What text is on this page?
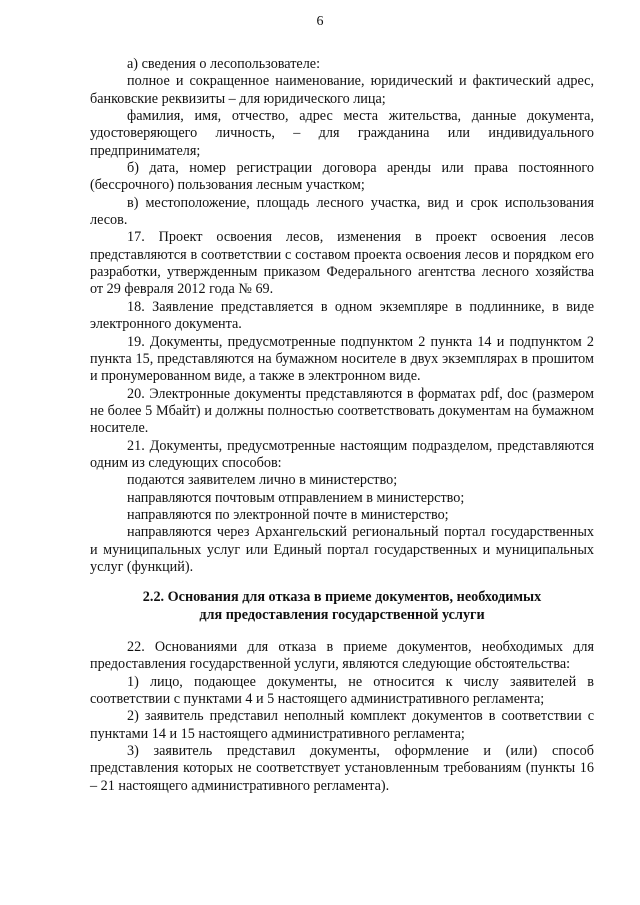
6

а) сведения о лесопользователе:

полное и сокращенное наименование, юридический и фактический адрес, банковские реквизиты – для юридического лица;

фамилия, имя, отчество, адрес места жительства, данные документа, удостоверяющего личность, – для гражданина или индивидуального предпринимателя;

б) дата, номер регистрации договора аренды или права постоянного (бессрочного) пользования лесным участком;

в) местоположение, площадь лесного участка, вид и срок использования лесов.

17. Проект освоения лесов, изменения в проект освоения лесов представляются в соответствии с составом проекта освоения лесов и порядком его разработки, утвержденным приказом Федерального агентства лесного хозяйства от 29 февраля 2012 года № 69.

18. Заявление представляется в одном экземпляре в подлиннике, в виде электронного документа.

19. Документы, предусмотренные подпунктом 2 пункта 14 и подпунктом 2 пункта 15, представляются на бумажном носителе в двух экземплярах в прошитом и пронумерованном виде, а также в электронном виде.

20. Электронные документы представляются в форматах pdf, doc (размером не более 5 Мбайт) и должны полностью соответствовать документам на бумажном носителе.

21. Документы, предусмотренные настоящим подразделом, представляются одним из следующих способов:

подаются заявителем лично в министерство;

направляются почтовым отправлением в министерство;

направляются по электронной почте в министерство;

направляются через Архангельский региональный портал государственных и муниципальных услуг или Единый портал государственных и муниципальных услуг (функций).

2.2. Основания для отказа в приеме документов, необходимых
для предоставления государственной услуги

22. Основаниями для отказа в приеме документов, необходимых для предоставления государственной услуги, являются следующие обстоятельства:

1) лицо, подающее документы, не относится к числу заявителей в соответствии с пунктами 4 и 5 настоящего административного регламента;

2) заявитель представил неполный комплект документов в соответствии с пунктами 14 и 15 настоящего административного регламента;

3) заявитель представил документы, оформление и (или) способ представления которых не соответствует установленным требованиям (пункты 16 – 21 настоящего административного регламента).
